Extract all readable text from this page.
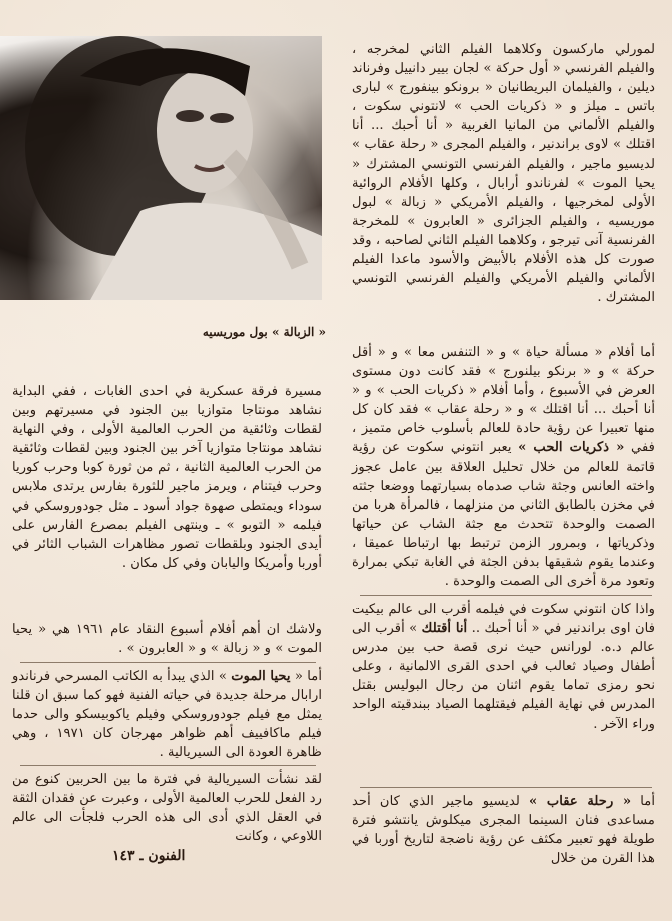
« الزبالة » بول موريسيه

لمورلي ماركسون وكلاهما الفيلم الثاني لمخرجه ، والفيلم الفرنسي « أول حركة » لجان بيير دانييل وفرناند ديلين ، والفيلمان البريطانيان « برونكو بينفورج » لبارى باتس ـ ميلز و « ذكريات الحب » لانتوني سكوت ، والفيلم الألماني من المانيا الغربية « أنا أحبك ... أنا اقتلك » لاوى براندنير ، والفيلم المجرى « رحلة عقاب » لديسيو ماجير ، والفيلم الفرنسي التونسي المشترك « يحيا الموت » لفرناندو أرابال ، وكلها الأفلام الروائية الأولى لمخرجيها ، والفيلم الأمريكي « زبالة » لبول موريسيه ، والفيلم الجزائرى « العابرون » للمخرجة الفرنسية آنى تيرجو ، وكلاهما الفيلم الثاني لصاحبه ، وقد صورت كل هذه الأفلام بالأبيض والأسود ماعدا الفيلم الألماني والفيلم الأمريكي والفيلم الفرنسي التونسي المشترك .

أما أفلام « مسألة حياة » و « التنفس معا » و « أقل حركة » و « برنكو بيلنورج » فقد كانت دون مستوى العرض في الأسبوع ، وأما أفلام « ذكريات الحب » و « أنا أحبك ... أنا اقتلك » و « رحلة عقاب » فقد كان كل منها تعبيرا عن رؤية حادة للعالم بأسلوب خاص متميز ، ففي « ذكريات الحب » يعبر انتوني سكوت عن رؤية قاتمة للعالم من خلال تحليل العلاقة بين عامل عجوز واخته العانس وجثة شاب صدماه بسيارتهما ووضعا جثته في مخزن بالطابق الثاني من منزلهما ، فالمرأة هربا من الصمت والوحدة تتحدث مع جثة الشاب عن حياتها وذكرياتها ، وبمرور الزمن ترتبط بها ارتباطا عميقا ، وعندما يقوم شقيقها بدفن الجثة في الغابة تبكي بمرارة وتعود مرة أخرى الى الصمت والوحدة .

واذا كان انتوني سكوت في فيلمه أقرب الى عالم بيكيت فان اوى براندنير في « أنا أحبك .. أنا أقتلك » أقرب الى عالم د.ه. لورانس حيث نرى قصة حب بين مدرس أطفال وصياد ثعالب في احدى القرى الالمانية ، وعلى نحو رمزى تماما يقوم اثنان من رجال البوليس بقتل المدرس في نهاية الفيلم فيقتلهما الصياد ببندقيته الواحد وراء الآخر .

أما « رحلة عقاب » لديسيو ماجير الذي كان أحد مساعدى فنان السينما المجرى ميكلوش يانتشو فترة طويلة فهو تعبير مكثف عن رؤية ناضجة لتاريخ أوربا في هذا القرن من خلال

مسيرة فرقة عسكرية في احدى الغابات ، ففي البداية نشاهد مونتاجا متوازيا بين الجنود في مسيرتهم وبين لقطات وثائقية من الحرب العالمية الأولى ، وفي النهاية نشاهد مونتاجا متوازيا آخر بين الجنود وبين لقطات وثائقية من الحرب العالمية الثانية ، ثم من ثورة كوبا وحرب كوريا وحرب فيتنام ، ويرمز ماجير للثورة بفارس يرتدى ملابس سوداء ويمتطى صهوة جواد أسود ـ مثل جودوروسكي في فيلمه « التوبو » ـ وينتهى الفيلم بمصرع الفارس على أيدى الجنود وبلقطات تصور مظاهرات الشباب الثائر في أوربا وأمريكا واليابان وفي كل مكان .

ولاشك ان أهم أفلام أسبوع النقاد عام ١٩٦١ هي « يحيا الموت » و « زبالة » و « العابرون » .

أما « يحيا الموت » الذي يبدأ به الكاتب المسرحي فرناندو ارابال مرحلة جديدة في حياته الفنية فهو كما سبق ان قلنا يمثل مع فيلم جودوروسكي وفيلم ياكوبيسكو والى حدما فيلم ماكافييف أهم ظواهر مهرجان كان ١٩٧١ ، وهي ظاهرة العودة الى السيريالية .

لقد نشأت السيريالية في فترة ما بين الحربين كنوع من رد الفعل للحرب العالمية الأولى ، وعبرت عن فقدان الثقة في العقل الذي أدى الى هذه الحرب فلجأت الى عالم اللاوعي ، وكانت

الفنون ـ ١٤٣
